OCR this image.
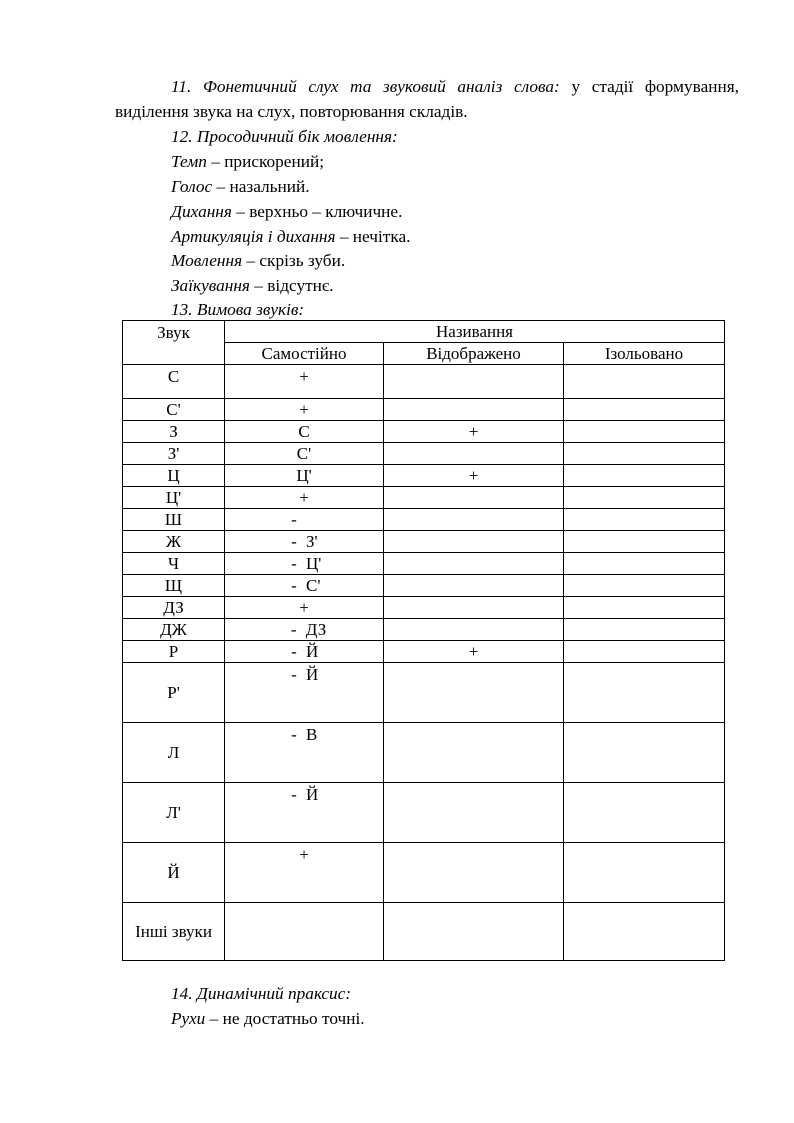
11. Фонетичний слух та звуковий аналіз слова: у стадії формування,
виділення звука на слух, повторювання складів.
12. Просодичний бік мовлення:
Темп – прискорений;
Голос – назальний.
Дихання – верхньо – ключичне.
Артикуляція і дихання – нечітка.
Мовлення – скрізь зуби.
Заїкування – відсутнє.
13. Вимова звуків:
Звук	Називання		
	Самостійно	Відображено	Ізольовано
С	+		
С'	+		
З	С	+	
З'	С'		
Ц	Ц'	+	
Ц'	+		
Ш	-		
Ж	- З'		
Ч	- Ц'		
Щ	- С'		
ДЗ	+		
ДЖ	- ДЗ		
Р	- Й	+	
Р'	- Й		
Л	- В		
Л'	- Й		
Й	+		
Інші звуки			
14. Динамічний праксис:
Рухи – не достатньо точні.
